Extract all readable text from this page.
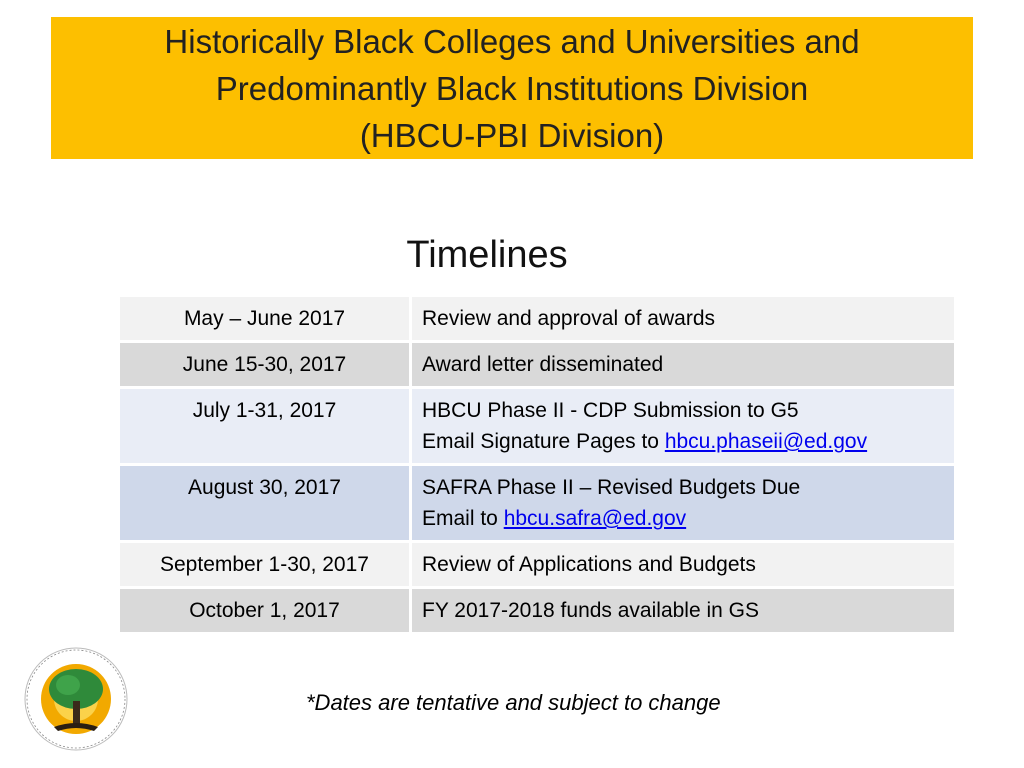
Historically Black Colleges and Universities and
Predominantly Black Institutions Division
(HBCU-PBI Division)
Timelines
May – June 2017	Review and approval of awards
June 15-30, 2017	Award letter disseminated
July 1-31, 2017	HBCU Phase II - CDP Submission to G5
Email Signature Pages to hbcu.phaseii@ed.gov

August 30, 2017	SAFRA Phase II – Revised Budgets Due
Email to hbcu.safra@ed.gov

September 1-30, 2017	Review of Applications and Budgets
October 1, 2017	FY 2017-2018 funds available in GS
*Dates are tentative and subject to change
